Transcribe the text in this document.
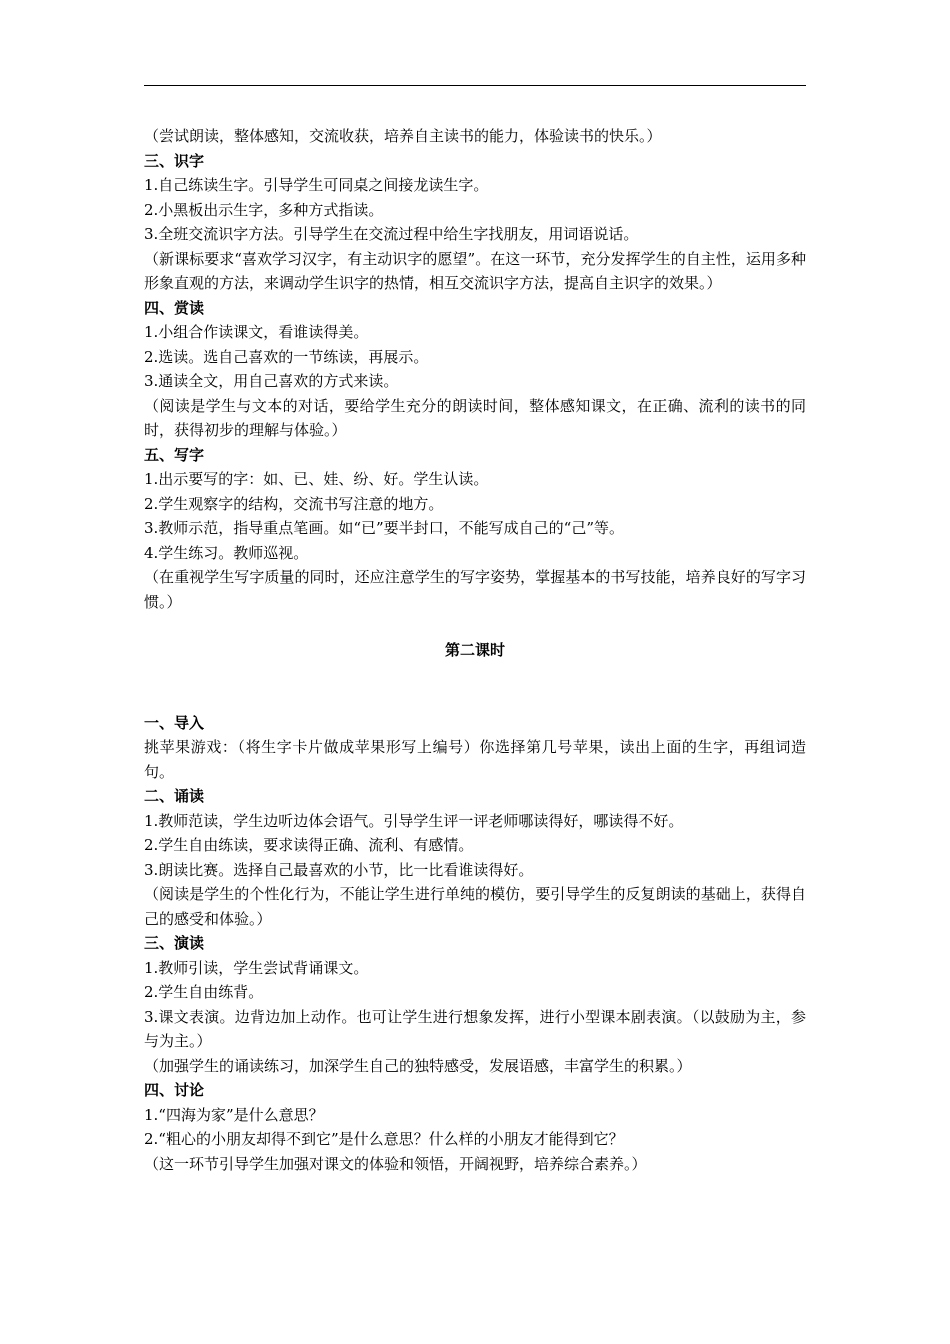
（尝试朗读，整体感知，交流收获，培养自主读书的能力，体验读书的快乐。）

三、识字

1.自己练读生字。引导学生可同桌之间接龙读生字。

2.小黑板出示生字，多种方式指读。

3.全班交流识字方法。引导学生在交流过程中给生字找朋友，用词语说话。

（新课标要求“喜欢学习汉字，有主动识字的愿望”。在这一环节，充分发挥学生的自主性，运用多种形象直观的方法，来调动学生识字的热情，相互交流识字方法，提高自主识字的效果。）

四、赏读

1.小组合作读课文，看谁读得美。

2.选读。选自己喜欢的一节练读，再展示。

3.通读全文，用自己喜欢的方式来读。

（阅读是学生与文本的对话，要给学生充分的朗读时间，整体感知课文，在正确、流利的读书的同时，获得初步的理解与体验。）

五、写字

1.出示要写的字：如、已、娃、纷、好。学生认读。

2.学生观察字的结构，交流书写注意的地方。

3.教师示范，指导重点笔画。如“已”要半封口，不能写成自己的“己”等。

4.学生练习。教师巡视。

（在重视学生写字质量的同时，还应注意学生的写字姿势，掌握基本的书写技能，培养良好的写字习惯。）

第二课时

一、导入

挑苹果游戏：（将生字卡片做成苹果形写上编号）你选择第几号苹果，读出上面的生字，再组词造句。

二、诵读

1.教师范读，学生边听边体会语气。引导学生评一评老师哪读得好，哪读得不好。

2.学生自由练读，要求读得正确、流利、有感情。

3.朗读比赛。选择自己最喜欢的小节，比一比看谁读得好。

（阅读是学生的个性化行为，不能让学生进行单纯的模仿，要引导学生的反复朗读的基础上，获得自己的感受和体验。）

三、演读

1.教师引读，学生尝试背诵课文。

2.学生自由练背。

3.课文表演。边背边加上动作。也可让学生进行想象发挥，进行小型课本剧表演。（以鼓励为主，参与为主。）

（加强学生的诵读练习，加深学生自己的独特感受，发展语感，丰富学生的积累。）

四、讨论

1.“四海为家”是什么意思？

2.“粗心的小朋友却得不到它”是什么意思？什么样的小朋友才能得到它？

（这一环节引导学生加强对课文的体验和领悟，开阔视野，培养综合素养。）
